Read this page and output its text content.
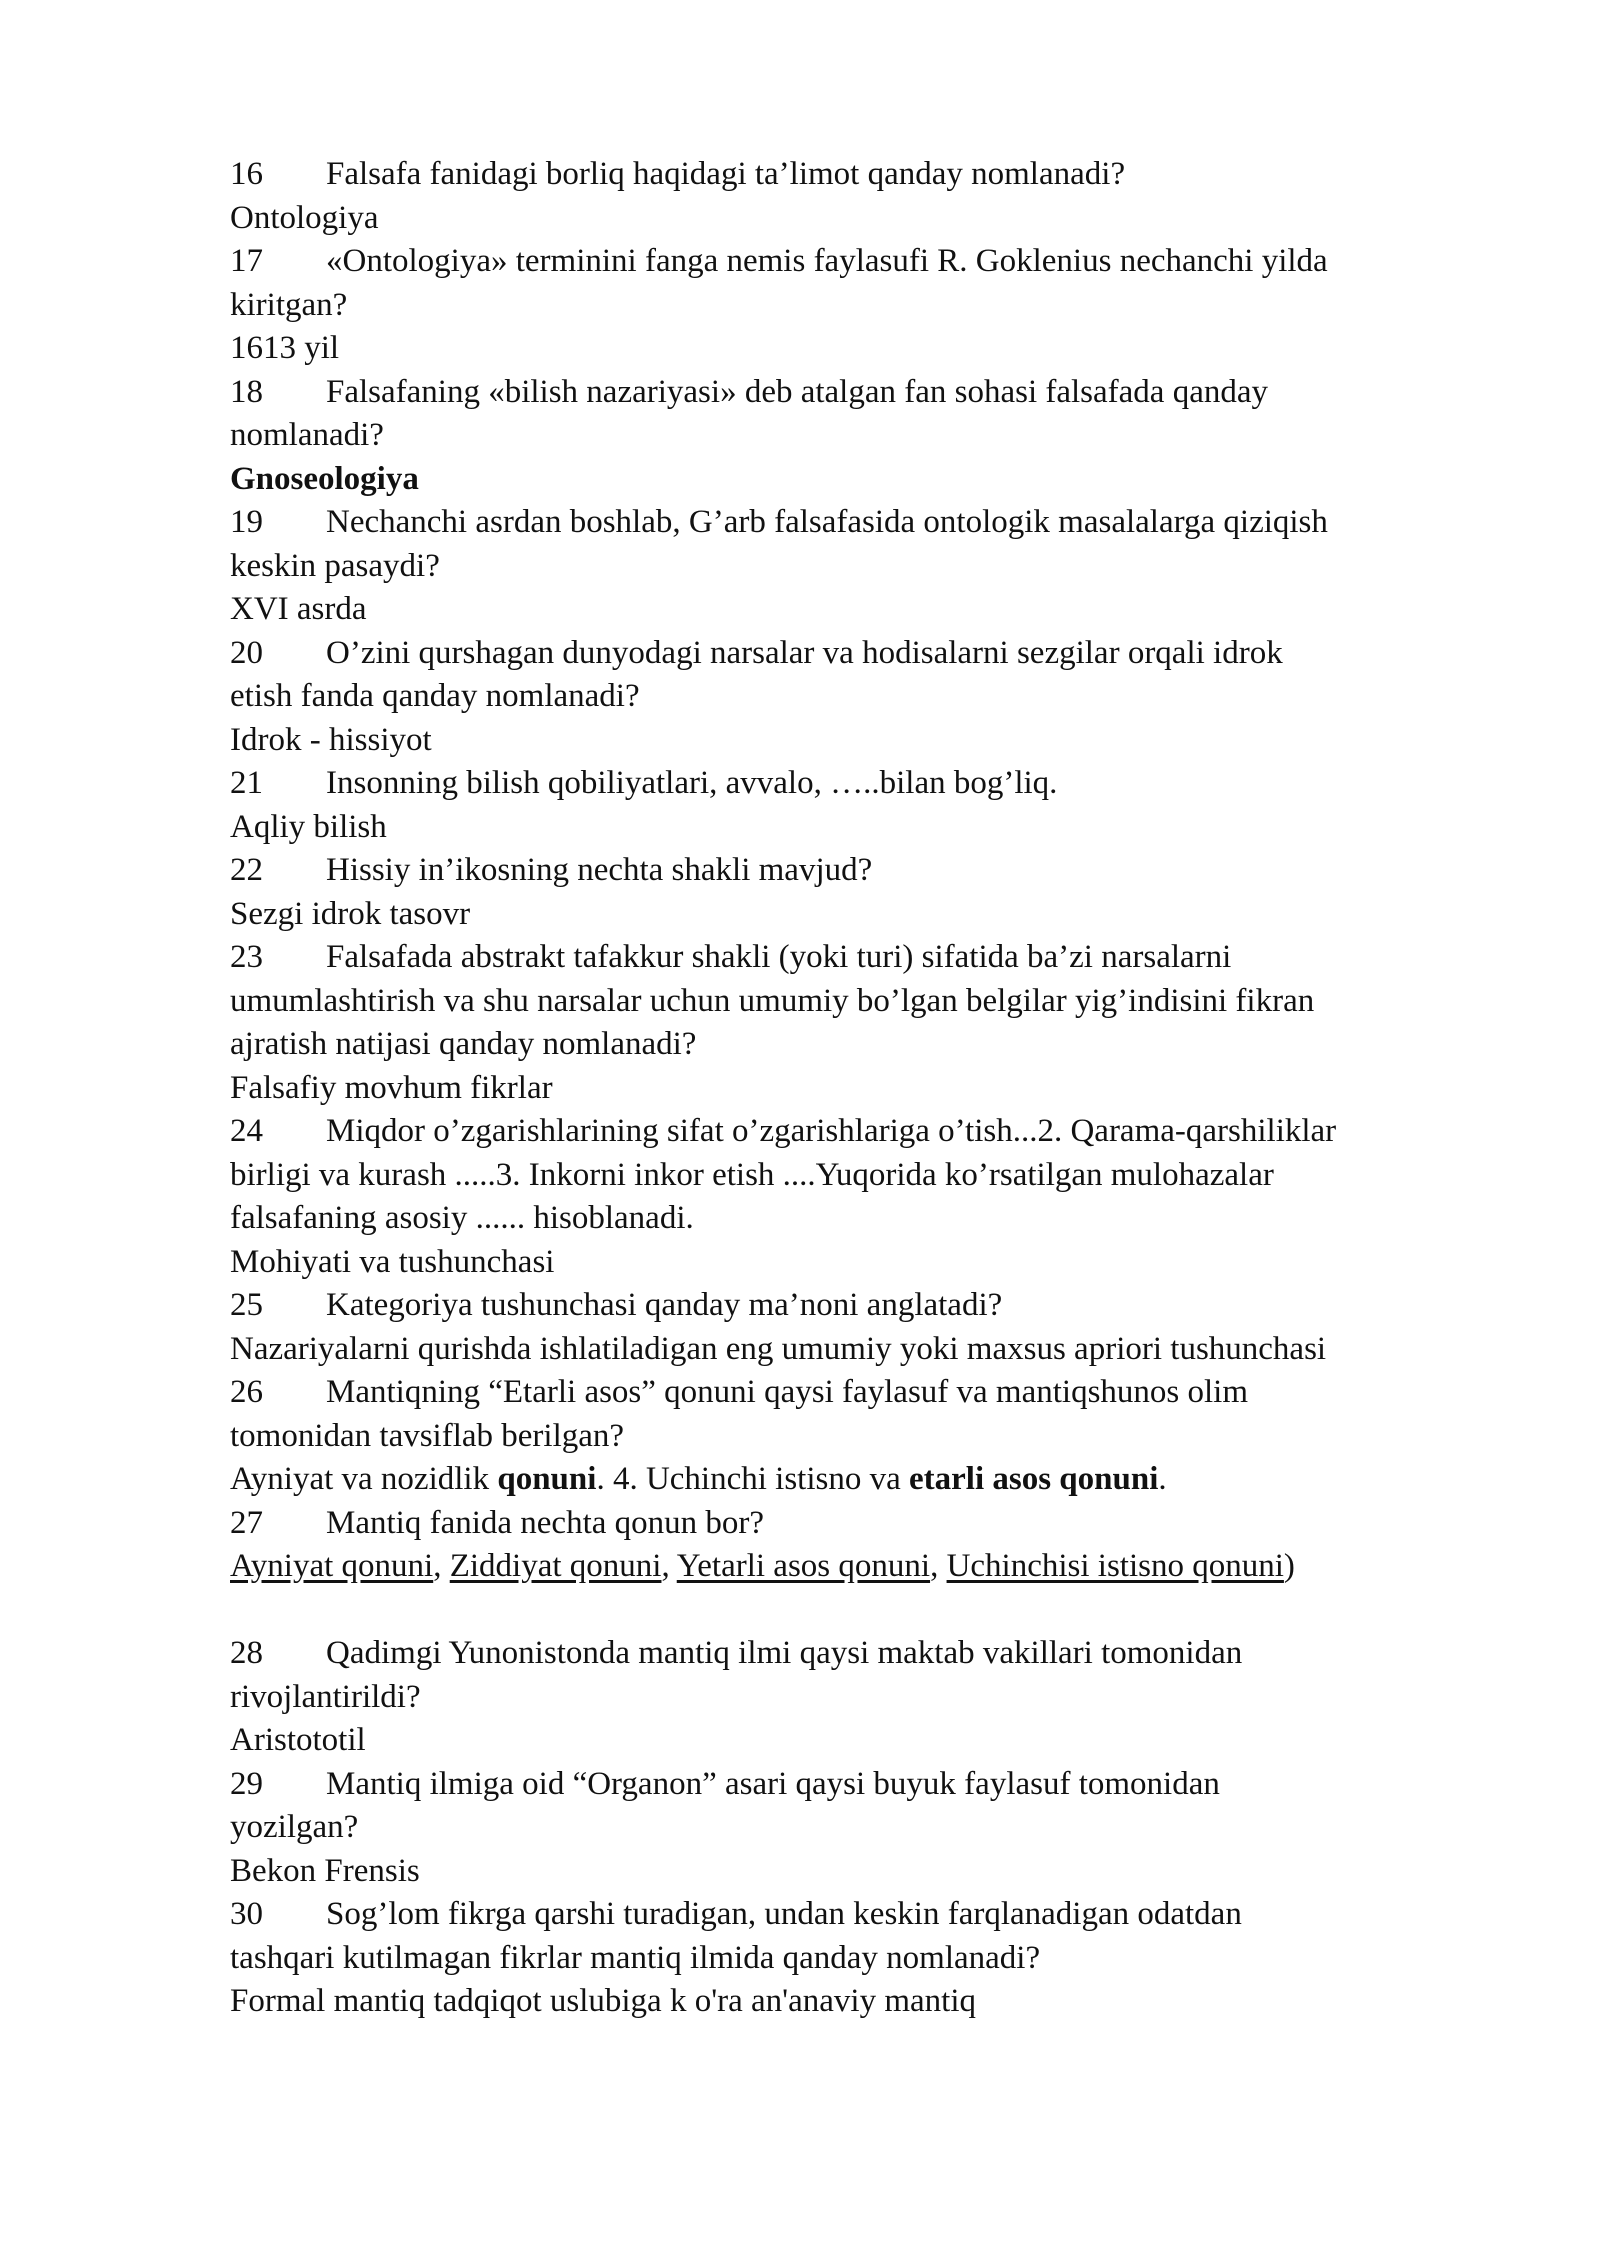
16 Falsafa fanidagi borliq haqidagi ta’limot qanday nomlanadi?
Ontologiya
17 «Ontologiya» terminini fanga nemis faylasufi R. Goklenius nechanchi yilda
kiritgan?
1613 yil
18 Falsafaning «bilish nazariyasi» deb atalgan fan sohasi falsafada qanday
nomlanadi?
Gnoseologiya
19 Nechanchi asrdan boshlab, G’arb falsafasida ontologik masalalarga qiziqish
keskin pasaydi?
XVI asrda
20 O’zini qurshagan dunyodagi narsalar va hodisalarni sezgilar orqali idrok
etish fanda qanday nomlanadi?
Idrok - hissiyot
21 Insonning bilish qobiliyatlari, avvalo, …..bilan bog’liq.
Aqliy bilish
22 Hissiy in’ikosning nechta shakli mavjud?
Sezgi idrok tasovr
23 Falsafada abstrakt tafakkur shakli (yoki turi) sifatida ba’zi narsalarni
umumlashtirish va shu narsalar uchun umumiy bo’lgan belgilar yig’indisini fikran
ajratish natijasi qanday nomlanadi?
Falsafiy movhum fikrlar
24 Miqdor o’zgarishlarining sifat o’zgarishlariga o’tish...2. Qarama-qarshiliklar
birligi va kurash .....3. Inkorni inkor etish ....Yuqorida ko’rsatilgan mulohazalar
falsafaning asosiy ...... hisoblanadi.
Mohiyati va tushunchasi
25 Kategoriya tushunchasi qanday ma’noni anglatadi?
Nazariyalarni qurishda ishlatiladigan eng umumiy yoki maxsus apriori tushunchasi
26 Mantiqning “Etarli asos” qonuni qaysi faylasuf va mantiqshunos olim
tomonidan tavsiflab berilgan?
Ayniyat va nozidlik qonuni. 4. Uchinchi istisno va etarli asos qonuni.
27 Mantiq fanida nechta qonun bor?
Ayniyat qonuni, Ziddiyat qonuni, Yetarli asos qonuni, Uchinchisi istisno qonuni)
28 Qadimgi Yunonistonda mantiq ilmi qaysi maktab vakillari tomonidan
rivojlantirildi?
Aristototil
29 Mantiq ilmiga oid “Organon” asari qaysi buyuk faylasuf tomonidan
yozilgan?
Bekon Frensis
30 Sog’lom fikrga qarshi turadigan, undan keskin farqlanadigan odatdan
tashqari kutilmagan fikrlar mantiq ilmida qanday nomlanadi?
Formal mantiq tadqiqot uslubiga k o'ra an'anaviy mantiq
